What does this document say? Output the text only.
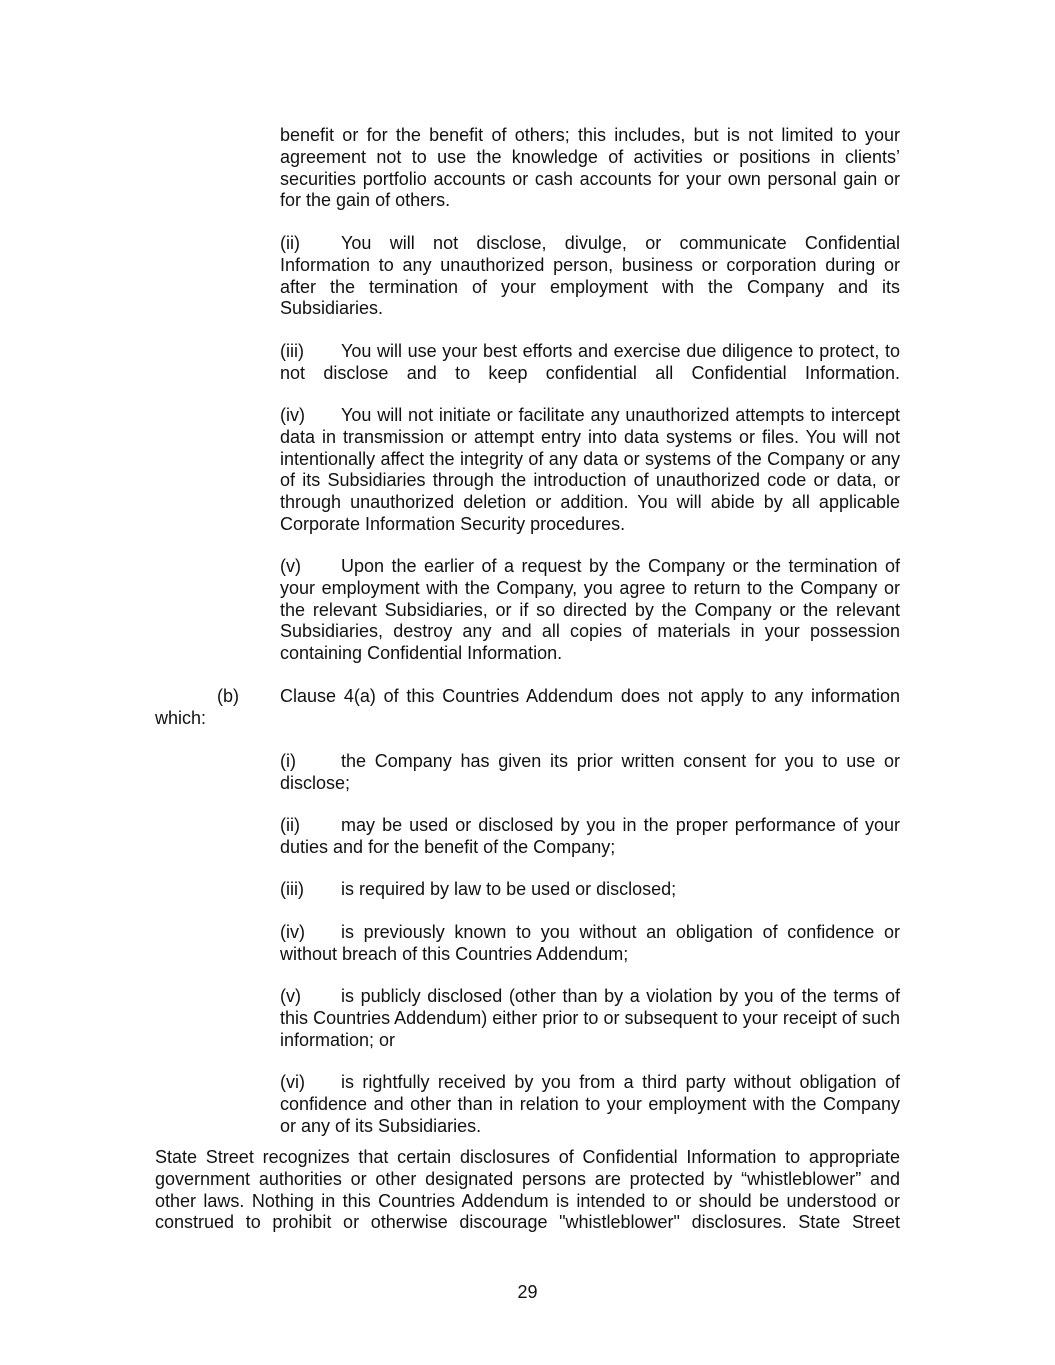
benefit or for the benefit of others; this includes, but is not limited to your agreement not to use the knowledge of activities or positions in clients’ securities portfolio accounts or cash accounts for your own personal gain or for the gain of others.

(ii) You will not disclose, divulge, or communicate Confidential Information to any unauthorized person, business or corporation during or after the termination of your employment with the Company and its Subsidiaries.

(iii) You will use your best efforts and exercise due diligence to protect, to not disclose and to keep confidential all Confidential Information.

(iv) You will not initiate or facilitate any unauthorized attempts to intercept data in transmission or attempt entry into data systems or files. You will not intentionally affect the integrity of any data or systems of the Company or any of its Subsidiaries through the introduction of unauthorized code or data, or through unauthorized deletion or addition. You will abide by all applicable Corporate Information Security procedures.

(v) Upon the earlier of a request by the Company or the termination of your employment with the Company, you agree to return to the Company or the relevant Subsidiaries, or if so directed by the Company or the relevant Subsidiaries, destroy any and all copies of materials in your possession containing Confidential Information.

(b)	Clause 4(a) of this Countries Addendum does not apply to any information
which:

(i)	the Company has given its prior written consent for you to use or disclose;

(ii) may be used or disclosed by you in the proper performance of your duties and for the benefit of the Company;

(iii) is required by law to be used or disclosed;

(iv) is previously known to you without an obligation of confidence or without breach of this Countries Addendum;

(v) is publicly disclosed (other than by a violation by you of the terms of this Countries Addendum) either prior to or subsequent to your receipt of such information; or

(vi) is rightfully received by you from a third party without obligation of confidence and other than in relation to your employment with the Company or any of its Subsidiaries.

State Street recognizes that certain disclosures of Confidential Information to appropriate government authorities or other designated persons are protected by “whistleblower” and other laws. Nothing in this Countries Addendum is intended to or should be understood or construed to prohibit or otherwise discourage "whistleblower" disclosures. State Street

29
